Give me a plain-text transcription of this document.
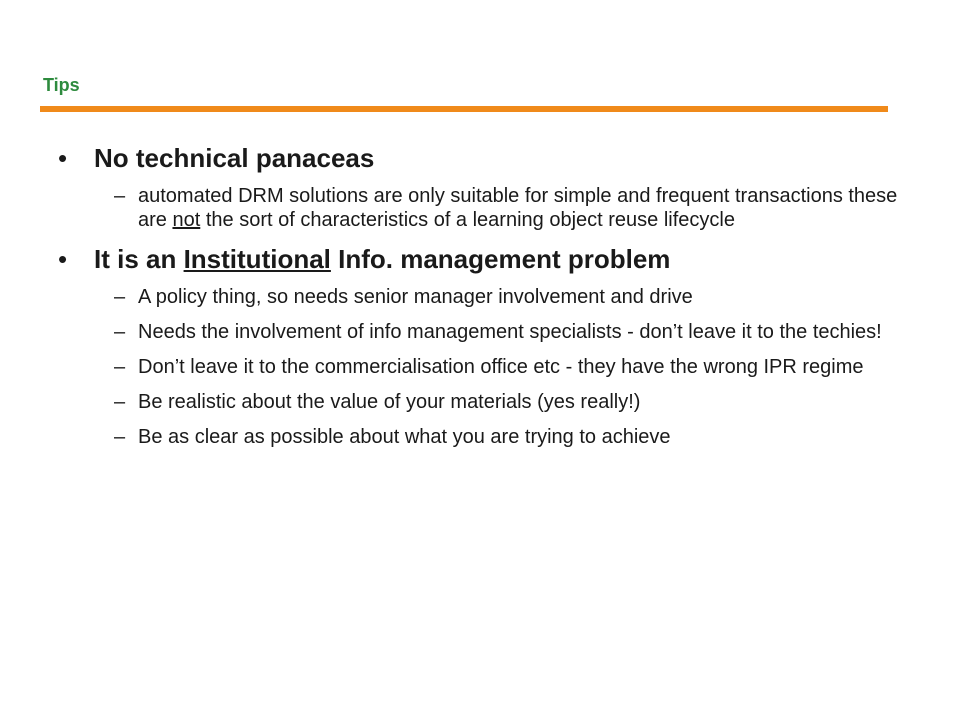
Tips
• No technical panaceas
– automated DRM solutions are only suitable for simple and frequent transactions these are not the sort of characteristics of a learning object reuse lifecycle
• It is an Institutional Info. management problem
– A policy thing, so needs senior manager involvement and drive
– Needs the involvement of info management specialists - don’t leave it to the techies!
– Don’t leave it to the commercialisation office etc - they have the wrong IPR regime
– Be realistic about the value of your materials (yes really!)
– Be as clear as possible about what you are trying to achieve
